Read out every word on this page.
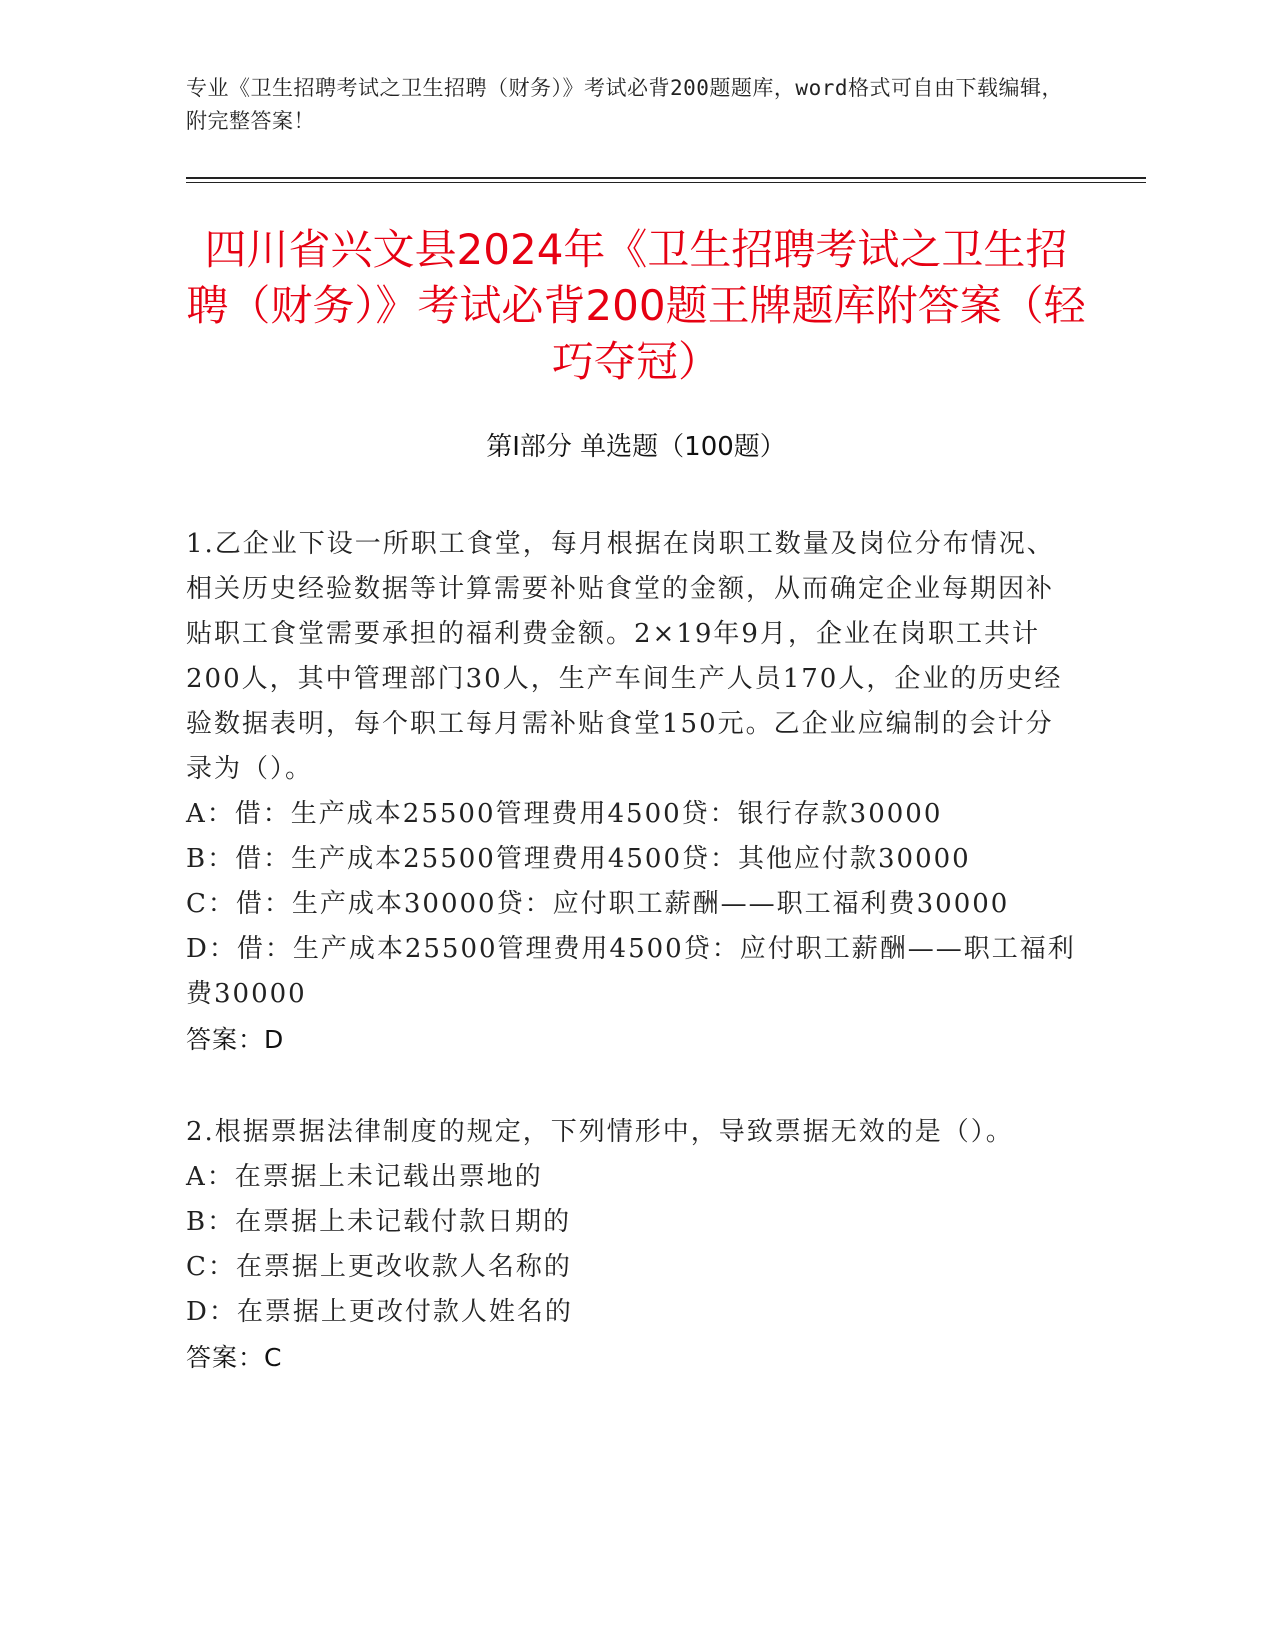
专业《卫生招聘考试之卫生招聘（财务）》考试必背200题题库，word格式可自由下载编辑，附完整答案！
四川省兴文县2024年《卫生招聘考试之卫生招聘（财务）》考试必背200题王牌题库附答案（轻巧夺冠）
第Ⅰ部分 单选题（100题）

1.乙企业下设一所职工食堂，每月根据在岗职工数量及岗位分布情况、相关历史经验数据等计算需要补贴食堂的金额，从而确定企业每期因补贴职工食堂需要承担的福利费金额。2×19年9月，企业在岗职工共计200人，其中管理部门30人，生产车间生产人员170人，企业的历史经验数据表明，每个职工每月需补贴食堂150元。乙企业应编制的会计分录为（）。

A：借：生产成本25500管理费用4500贷：银行存款30000

B：借：生产成本25500管理费用4500贷：其他应付款30000

C：借：生产成本30000贷：应付职工薪酬——职工福利费30000

D：借：生产成本25500管理费用4500贷：应付职工薪酬——职工福利费30000

答案：D

2.根据票据法律制度的规定，下列情形中，导致票据无效的是（）。

A：在票据上未记载出票地的

B：在票据上未记载付款日期的

C：在票据上更改收款人名称的

D：在票据上更改付款人姓名的

答案：C
